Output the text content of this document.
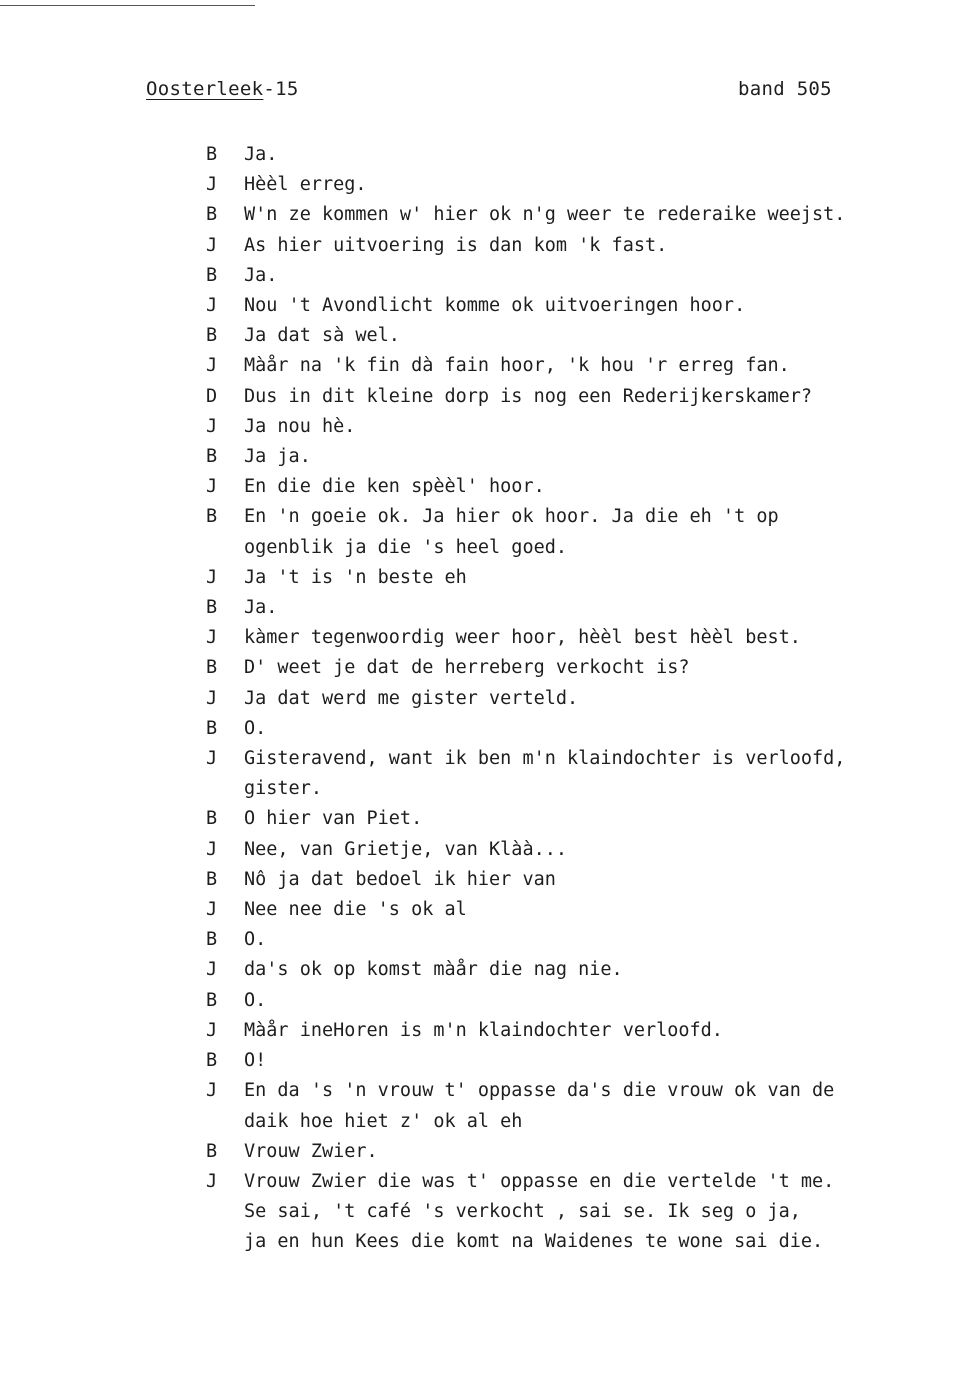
Oosterleek-15	band 505
B	Ja.
J	Hèèl erreg.
B	W'n ze kommen w' hier ok n'g weer te rederaike weejst.
J	As hier uitvoering is dan kom 'k fast.
B	Ja.
J	Nou 't Avondlicht komme ok uitvoeringen hoor.
B	Ja dat sà wel.
J	Màår na 'k fin dà fain hoor, 'k hou 'r erreg fan.
D	Dus in dit kleine dorp is nog een Rederijkerskamer?
J	Ja nou hè.
B	Ja ja.
J	En die die ken spèèl' hoor.
B	En 'n goeie ok. Ja hier ok hoor. Ja die eh 't op
ogenblik ja die 's heel goed.
J	Ja 't is 'n beste eh
B	Ja.
J	kàmer tegenwoordig weer hoor, hèèl best hèèl best.
B	D' weet je dat de herreberg verkocht is?
J	Ja dat werd me gister verteld.
B	O.
J	Gisteravend, want ik ben m'n klaindochter is verloofd,
gister.
B	O hier van Piet.
J	Nee, van Grietje, van Klàà...
B	Nô ja dat bedoel ik hier van
J	Nee nee die 's ok al
B	O.
J	da's ok op komst màår die nag nie.
B	O.
J	Màår ineHoren is m'n klaindochter verloofd.
B	O!
J	En da 's 'n vrouw t' oppasse da's die vrouw ok van de
daik hoe hiet z' ok al eh
B	Vrouw Zwier.
J	Vrouw Zwier die was t' oppasse en die vertelde 't me.
Se sai, 't café 's verkocht , sai se. Ik seg o ja,
ja en hun Kees die komt na Waidenes te wone sai die.
